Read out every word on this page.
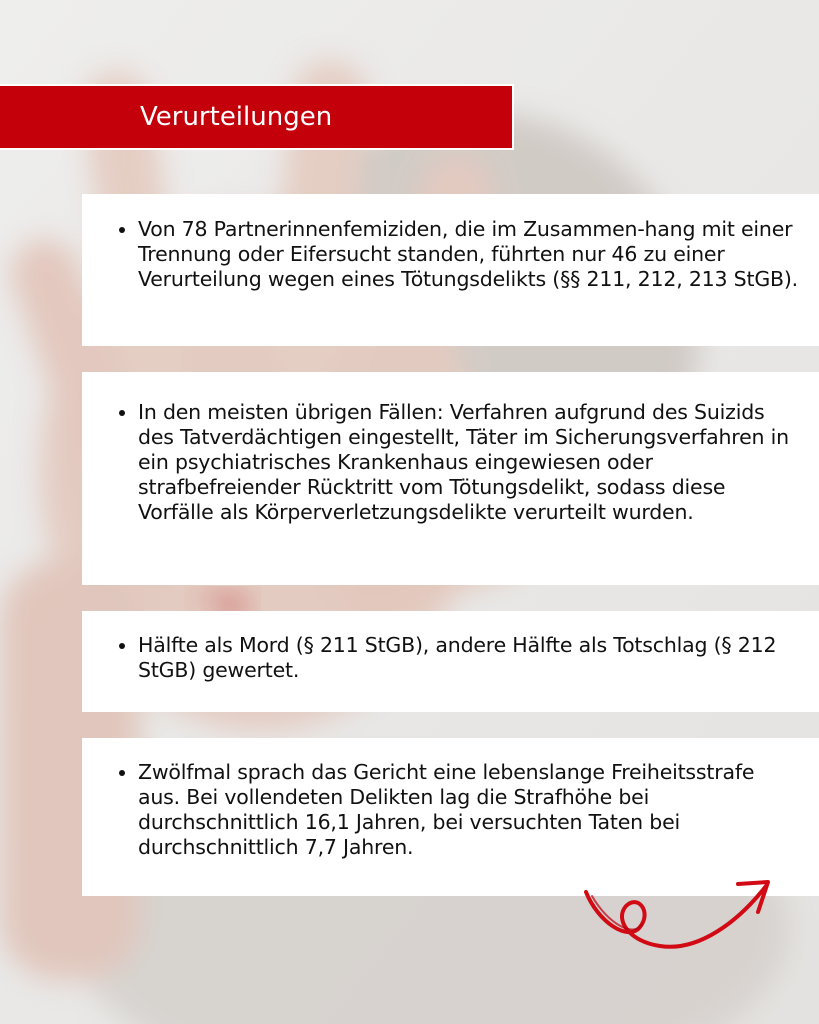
Verurteilungen
Von 78 Partnerinnenfemiziden, die im Zusammen-hang mit einer Trennung oder Eifersucht standen, führten nur 46 zu einer Verurteilung wegen eines Tötungsdelikts (§§ 211, 212, 213 StGB).
In den meisten übrigen Fällen: Verfahren aufgrund des Suizids des Tatverdächtigen eingestellt, Täter im Sicherungsverfahren in ein psychiatrisches Krankenhaus eingewiesen oder strafbefreiender Rücktritt vom Tötungsdelikt, sodass diese Vorfälle als Körperverletzungsdelikte verurteilt wurden.
Hälfte als Mord (§ 211 StGB), andere Hälfte als Totschlag (§ 212 StGB) gewertet.
Zwölfmal sprach das Gericht eine lebenslange Freiheitsstrafe aus. Bei vollendeten Delikten lag die Strafhöhe bei durchschnittlich 16,1 Jahren, bei versuchten Taten bei durchschnittlich 7,7 Jahren.
